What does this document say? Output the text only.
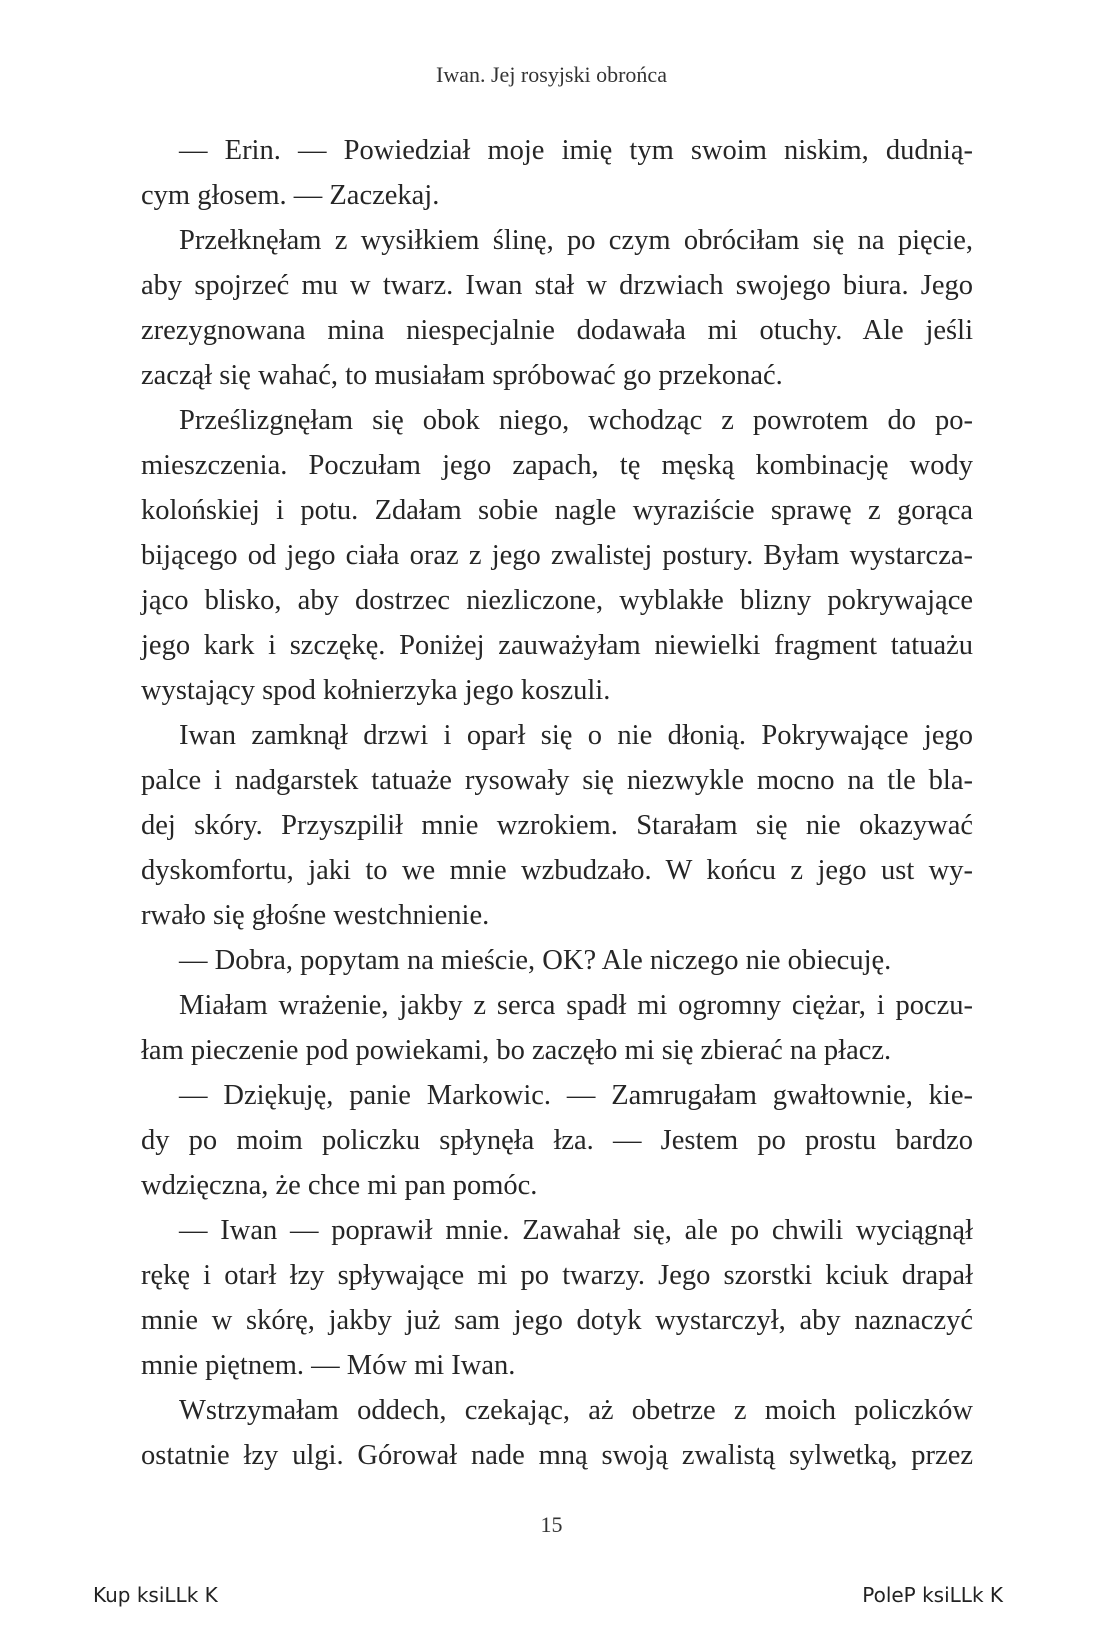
Iwan. Jej rosyjski obrońca
— Erin. — Powiedział moje imię tym swoim niskim, dudnią-
cym głosem. — Zaczekaj.
Przełknęłam z wysiłkiem ślinę, po czym obróciłam się na pięcie,
aby spojrzeć mu w twarz. Iwan stał w drzwiach swojego biura. Jego
zrezygnowana mina niespecjalnie dodawała mi otuchy. Ale jeśli
zaczął się wahać, to musiałam spróbować go przekonać.
Prześlizgnęłam się obok niego, wchodząc z powrotem do po-
mieszczenia. Poczułam jego zapach, tę męską kombinację wody
kolońskiej i potu. Zdałam sobie nagle wyraziście sprawę z gorąca
bijącego od jego ciała oraz z jego zwalistej postury. Byłam wystarcza-
jąco blisko, aby dostrzec niezliczone, wyblakłe blizny pokrywające
jego kark i szczękę. Poniżej zauważyłam niewielki fragment tatuażu
wystający spod kołnierzyka jego koszuli.
Iwan zamknął drzwi i oparł się o nie dłonią. Pokrywające jego
palce i nadgarstek tatuaże rysowały się niezwykle mocno na tle bla-
dej skóry. Przyszpilił mnie wzrokiem. Starałam się nie okazywać
dyskomfortu, jaki to we mnie wzbudzało. W końcu z jego ust wy-
rwało się głośne westchnienie.
— Dobra, popytam na mieście, OK? Ale niczego nie obiecuję.
Miałam wrażenie, jakby z serca spadł mi ogromny ciężar, i poczu-
łam pieczenie pod powiekami, bo zaczęło mi się zbierać na płacz.
— Dziękuję, panie Markowic. — Zamrugałam gwałtownie, kie-
dy po moim policzku spłynęła łza. — Jestem po prostu bardzo
wdzięczna, że chce mi pan pomóc.
— Iwan — poprawił mnie. Zawahał się, ale po chwili wyciągnął
rękę i otarł łzy spływające mi po twarzy. Jego szorstki kciuk drapał
mnie w skórę, jakby już sam jego dotyk wystarczył, aby naznaczyć
mnie piętnem. — Mów mi Iwan.
Wstrzymałam oddech, czekając, aż obetrze z moich policzków
ostatnie łzy ulgi. Górował nade mną swoją zwalistą sylwetką, przez
15
Kup ksiLLk K	PoleP ksiLLk K
